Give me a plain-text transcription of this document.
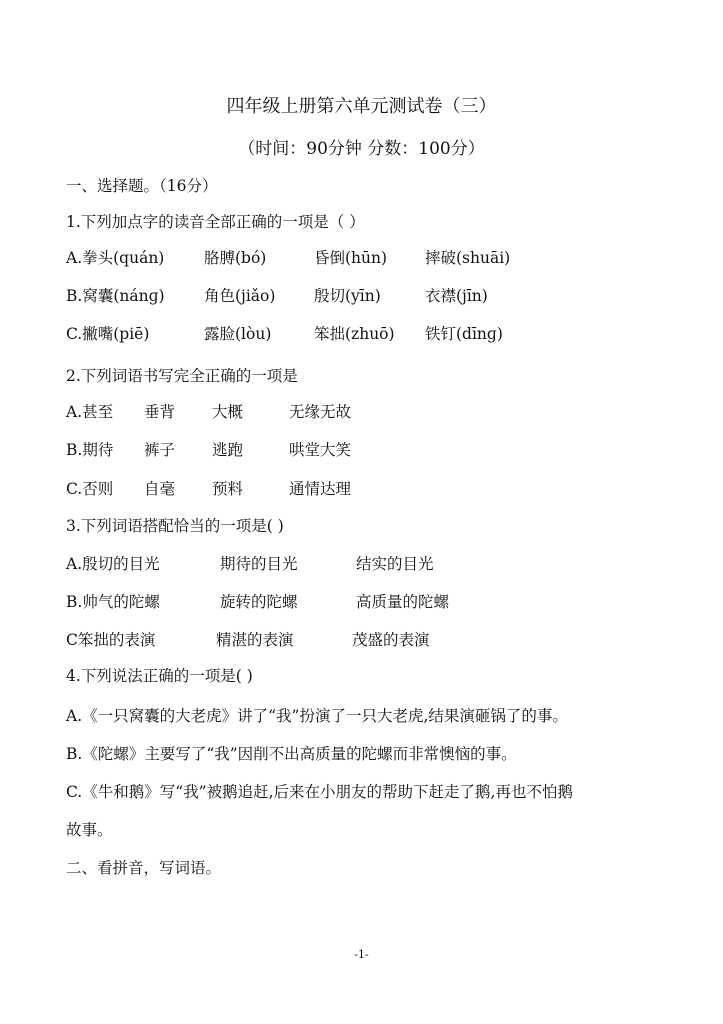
四年级上册第六单元测试卷（三）
（时间：90分钟 分数：100分）
一、选择题。（16分）
1.下列加点字的读音全部正确的一项是（ ）
A.拳头(quán)	胳膊(bó)	昏倒(hūn) 摔破(shuāi)
B.窝囊(nánɡ)	角色(jiǎo) 殷切(yīn)	衣襟(jīn)
C.撇嘴(piē)	露脸(lòu)	笨拙(zhuō) 铁钉(dīnɡ)
2.下列词语书写完全正确的一项是
A.甚至 垂背 大概	无缘无故
B.期待 裤子 逃跑	哄堂大笑
C.否则 自毫 预料	通情达理
3.下列词语搭配恰当的一项是( )
A.殷切的目光	期待的目光	结实的目光
B.帅气的陀螺	旋转的陀螺	高质量的陀螺
C笨拙的表演	精湛的表演	茂盛的表演
4.下列说法正确的一项是( )
A.《一只窝囊的大老虎》讲了“我”扮演了一只大老虎,结果演砸锅了的事。
B.《陀螺》主要写了“我”因削不出高质量的陀螺而非常懊恼的事。
C.《牛和鹅》写“我”被鹅追赶,后来在小朋友的帮助下赶走了鹅,再也不怕鹅
故事。
二、看拼音，写词语。
-1-
